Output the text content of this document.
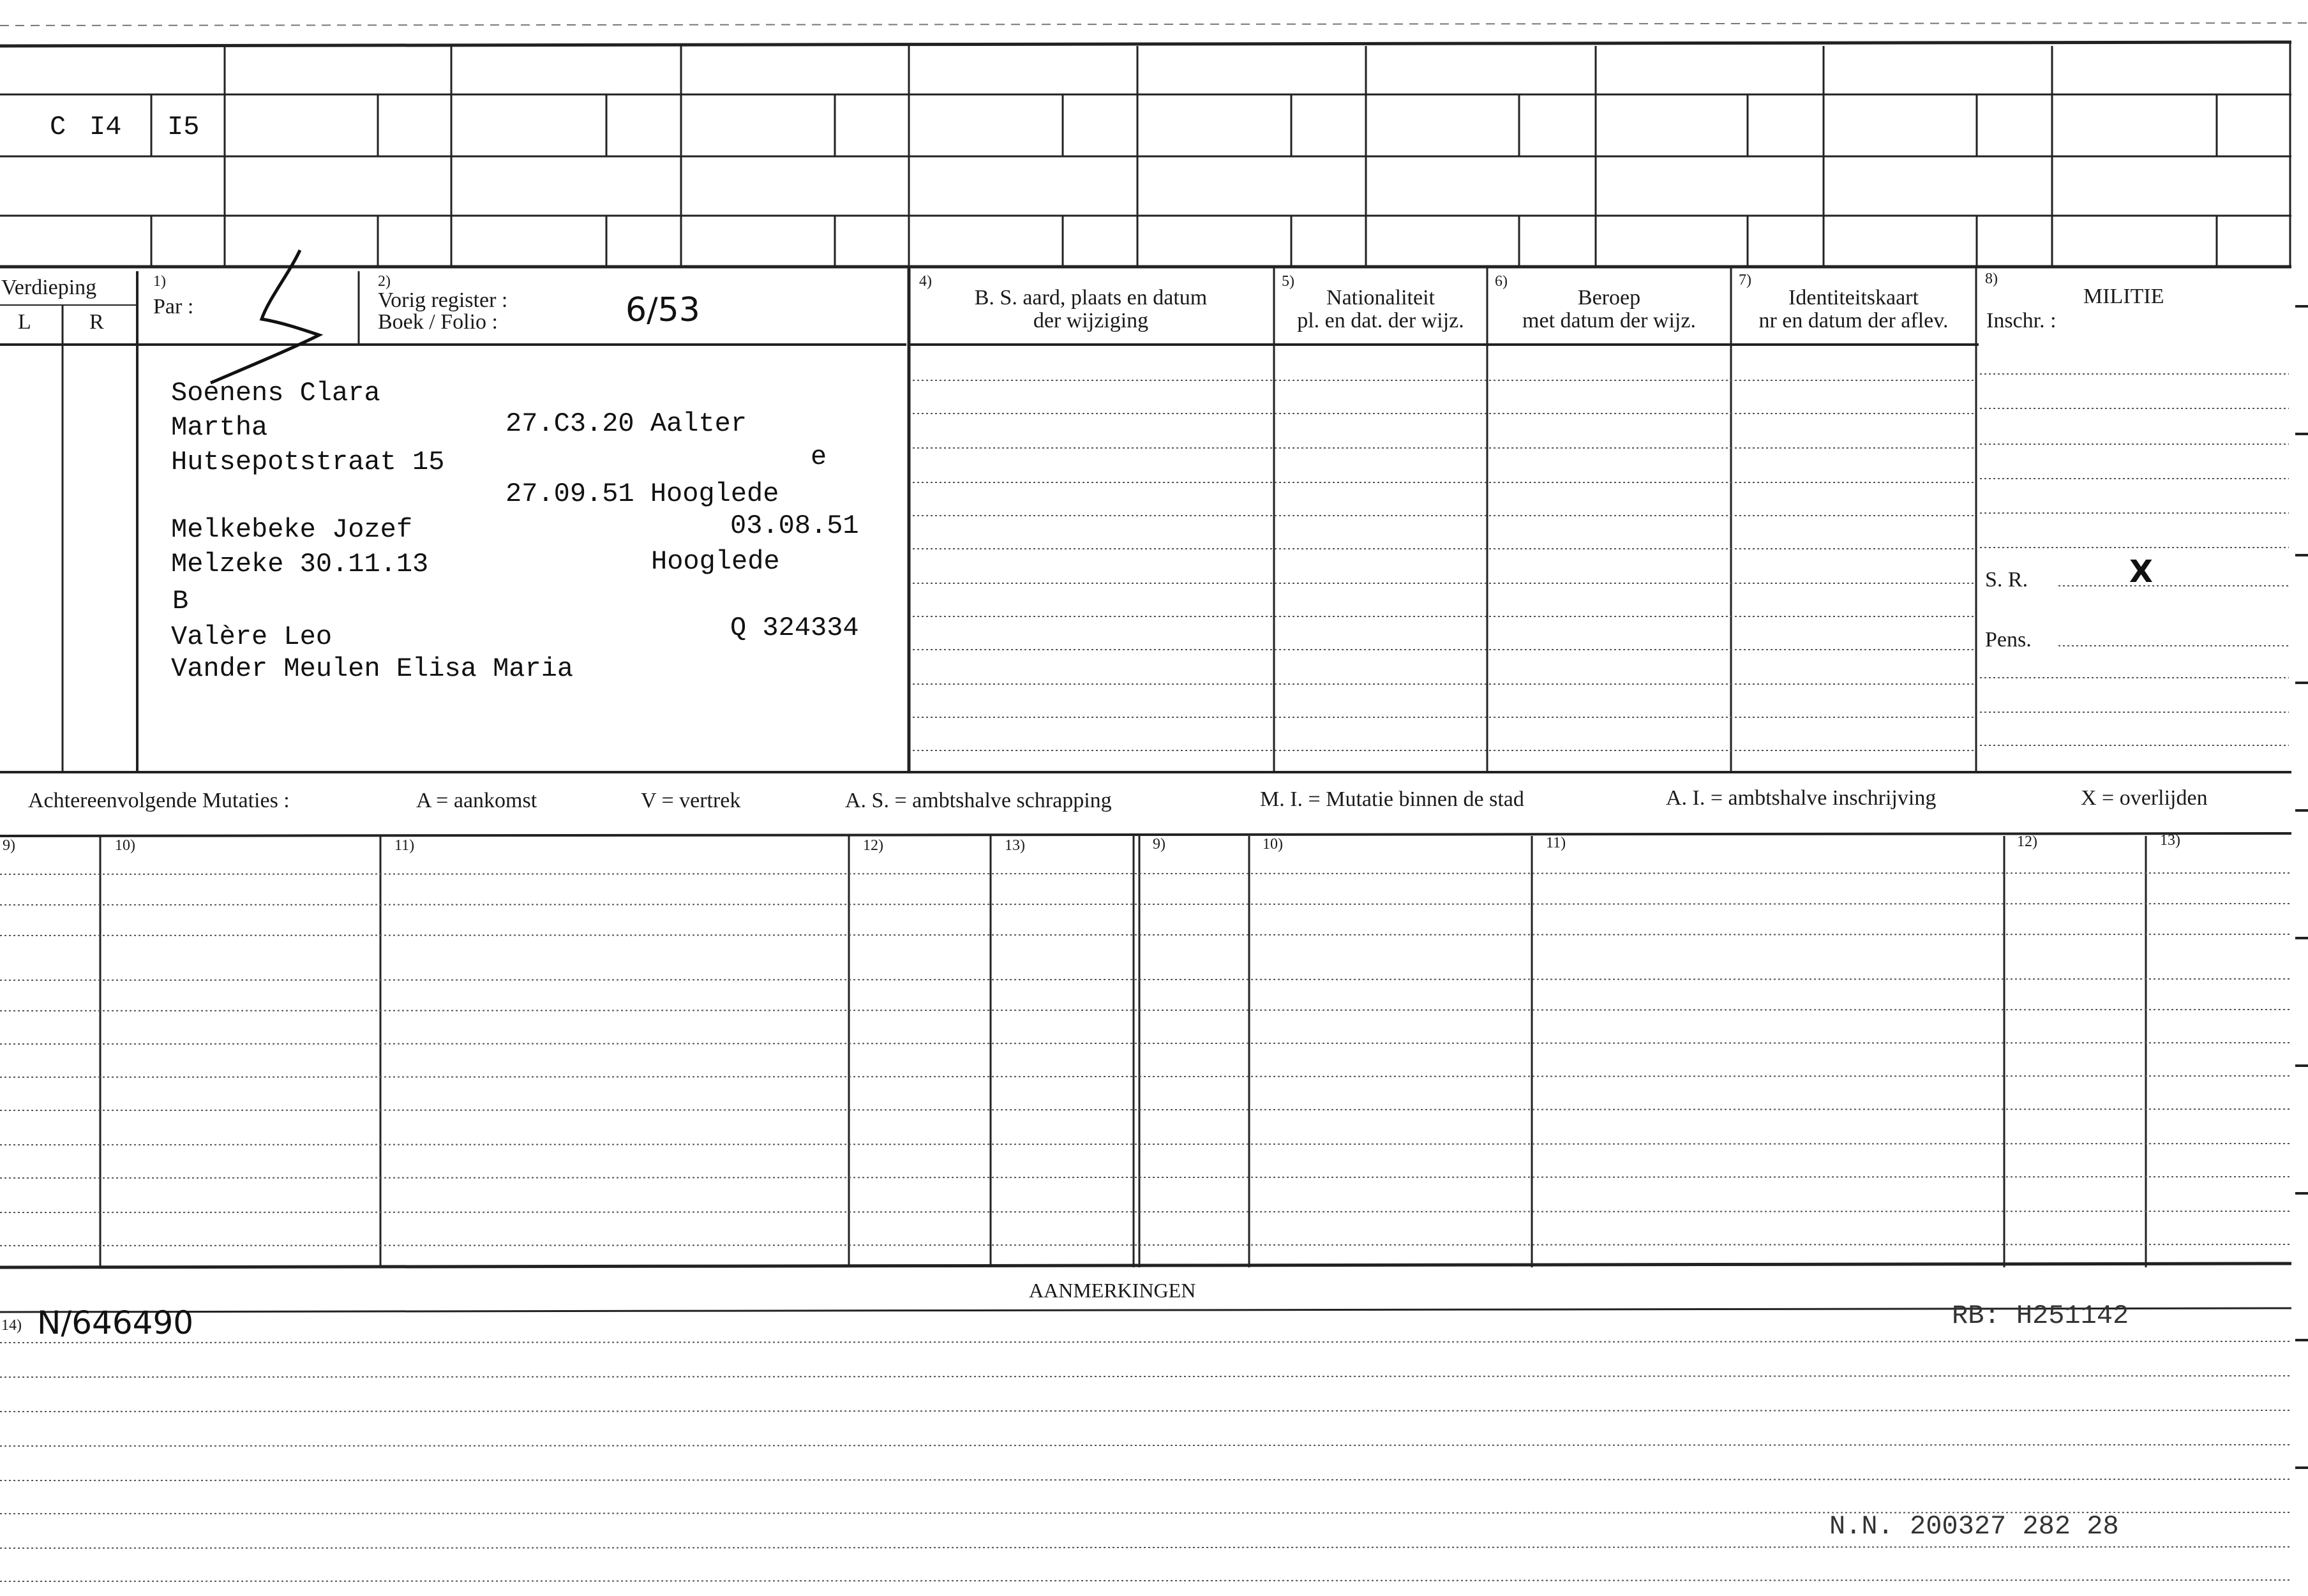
C I4 I5
Verdieping
L	R
1)
Par :
2)
Vorig register :
Boek / Folio :	6/53
4)
B. S. aard, plaats en datum
der wijziging
5)
Nationaliteit
pl. en dat. der wijz.
6)
Beroep
met datum der wijz.
7)
Identiteitskaart
nr en datum der aflev.
8)
MILITIE
Inschr. :
S. R.	X
Pens.
Soenens Clara
Martha	27.C3.20 Aalter
Hutsepotstraat 15	e
27.09.51 Hooglede
Melkebeke Jozef	03.08.51
Melzeke 30.11.13	Hooglede
B
Valère Leo	Q 324334
Vander Meulen Elisa Maria
Achtereenvolgende Mutaties :	A = aankomst	V = vertrek	A. S. = ambtshalve schrapping	M. I. = Mutatie binnen de stad	A. I. = ambtshalve inschrijving	X = overlijden
9)	10)	11)	12)	13)	9)	10)	11)	12)	13)
AANMERKINGEN
14) N/646490	RB: H251142
N.N. 200327 282 28
